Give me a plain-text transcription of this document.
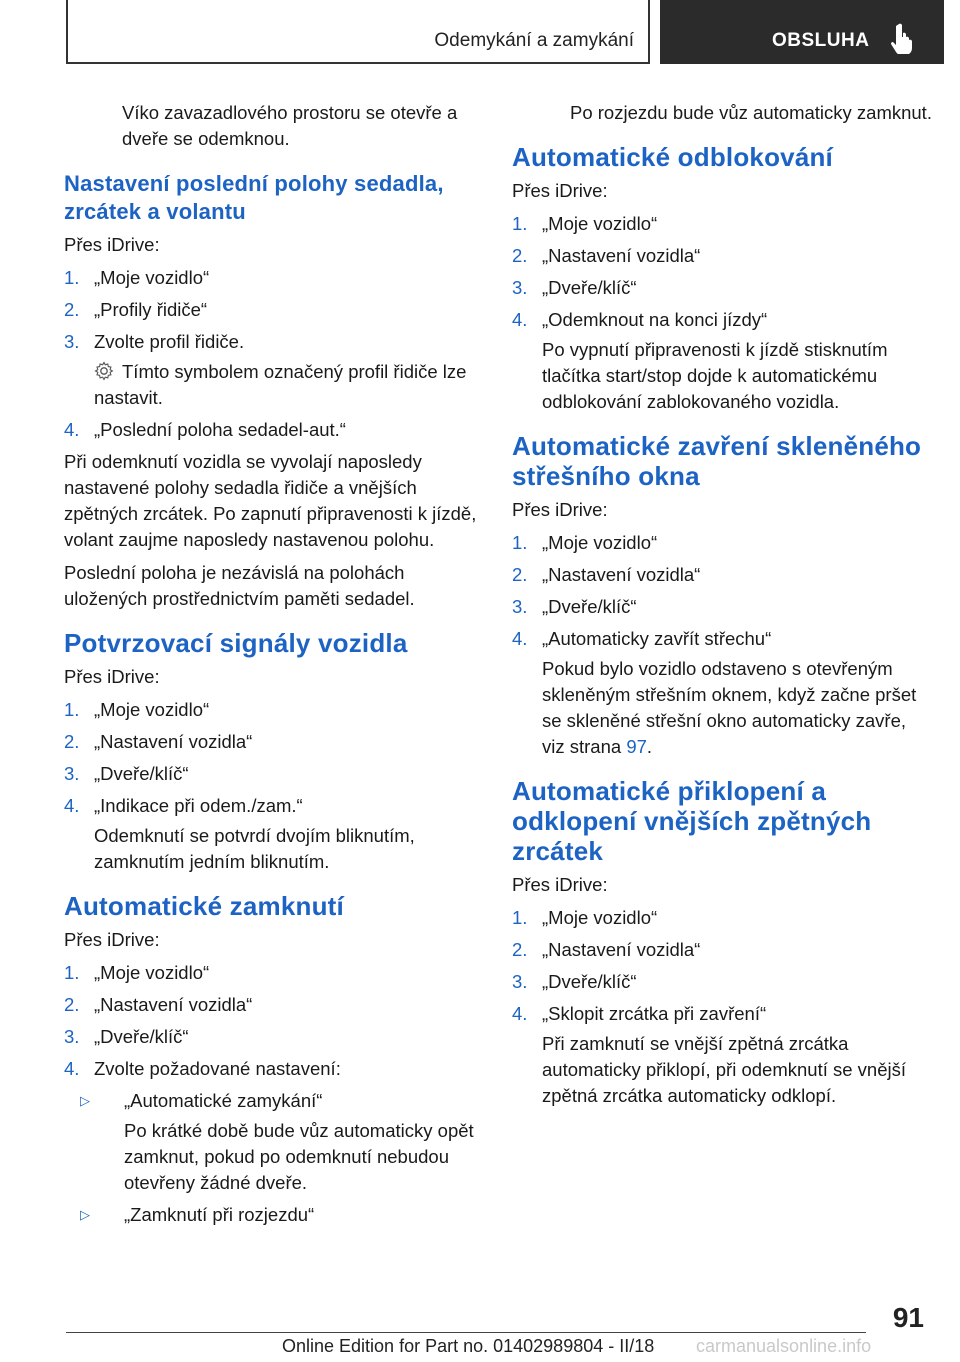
Odemykání a zamykání	OBSLUHA

Víko zavazadlového prostoru se otevře a dveře se odemknou.

Nastavení poslední polohy sedadla, zrcátek a volantu

Přes iDrive:

1. „Moje vozidlo“
2. „Profily řidiče“
3. Zvolte profil řidiče.
Tímto symbolem označený profil řidiče lze nastavit.
4. „Poslední poloha sedadel-aut.“

Při odemknutí vozidla se vyvolají naposledy nastavené polohy sedadla řidiče a vnějších zpětných zrcátek. Po zapnutí připravenosti k jízdě, volant zaujme naposledy nastavenou polohu.

Poslední poloha je nezávislá na polohách uložených prostřednictvím paměti sedadel.

Potvrzovací signály vozidla

Přes iDrive:

1. „Moje vozidlo“
2. „Nastavení vozidla“
3. „Dveře/klíč“
4. „Indikace při odem./zam.“
Odemknutí se potvrdí dvojím bliknutím, zamknutím jedním bliknutím.
Automatické zamknutí

Přes iDrive:

1. „Moje vozidlo“
2. „Nastavení vozidla“
3. „Dveře/klíč“
4. Zvolte požadované nastavení:
▷ „Automatické zamykání“
Po krátké době bude vůz automaticky opět zamknut, pokud po odemknutí nebudou otevřeny žádné dveře.
▷ „Zamknutí při rozjezdu“

Po rozjezdu bude vůz automaticky zamknut.

Automatické odblokování

Přes iDrive:

1. „Moje vozidlo“
2. „Nastavení vozidla“
3. „Dveře/klíč“
4. „Odemknout na konci jízdy“
Po vypnutí připravenosti k jízdě stisknutím tlačítka start/stop dojde k automatickému odblokování zablokovaného vozidla.
Automatické zavření skleněného střešního okna

Přes iDrive:

1. „Moje vozidlo“
2. „Nastavení vozidla“
3. „Dveře/klíč“
4. „Automaticky zavřít střechu“
Pokud bylo vozidlo odstaveno s otevřeným skleněným střešním oknem, když začne pršet se skleněné střešní okno automaticky zavře, viz strana 97.
Automatické přiklopení a odklopení vnějších zpětných zrcátek

Přes iDrive:

1. „Moje vozidlo“
2. „Nastavení vozidla“
3. „Dveře/klíč“
4. „Sklopit zrcátka při zavření“
Při zamknutí se vnější zpětná zrcátka automaticky přiklopí, při odemknutí se vnější zpětná zrcátka automaticky odklopí.
91
Online Edition for Part no. 01402989804 - II/18 carmanualsonline.info
